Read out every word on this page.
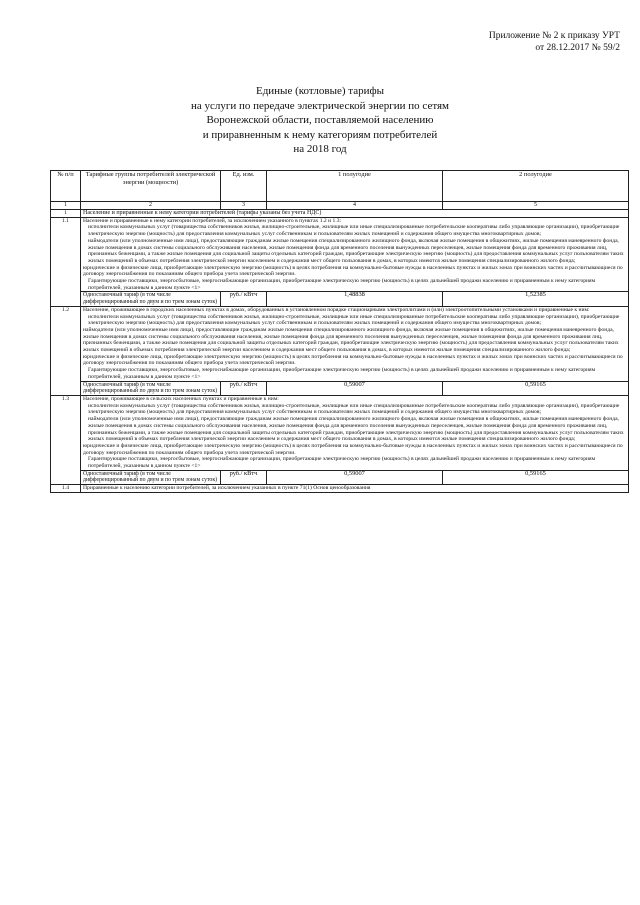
Приложение № 2 к приказу УРТ
от 28.12.2017 № 59/2
Единые (котловые) тарифы
на услуги по передаче электрической энергии по сетям
Воронежской области, поставляемой населению
и приравненным к нему категориям потребителей
на 2018 год
№ п/п	Тарифные группы потребителей электрической энергии (мощности)	Ед. изм.	1 полугодие	2 полугодие
1	2	3	4	5
1	Население и приравненные к нему категории потребителей (тарифы указаны без учета НДС)			
1.1	Население и приравненные к нему категории потребителей, за исключением указанного в пунктах 1.2 и 1.3:

исполнители коммунальных услуг (товарищества собственников жилья, жилищно-строительные, жилищные или иные специализированные потребительские кооперативы либо управляющие организации), приобретающие электрическую энергию (мощность) для предоставления коммунальных услуг собственникам и пользователям жилых помещений и содержания общего имущества многоквартирных домов;

наймодатели (или уполномоченные ими лица), предоставляющие гражданам жилые помещения специализированного жилищного фонда, включая жилые помещения в общежитиях, жилые помещения маневренного фонда, жилые помещения в домах системы социального обслуживания населения, жилые помещения фонда для временного поселения вынужденных переселенцев, жилые помещения фонда для временного проживания лиц, признанных беженцами, а также жилые помещения для социальной защиты отдельных категорий граждан, приобретающие электрическую энергию (мощность) для предоставления коммунальных услуг пользователям таких жилых помещений в объемах потребления электрической энергии населением и содержания мест общего пользования в домах, в которых имеются жилые помещения специализированного жилого фонда;

юридические и физические лица, приобретающие электрическую энергию (мощность) в целях потребления на коммунально-бытовые нужды в населенных пунктах и жилых зонах при воинских частях и рассчитывающиеся по договору энергоснабжения по показаниям общего прибора учета электрической энергии.

Гарантирующие поставщики, энергосбытовые, энергоснабжающие организации, приобретающие электрическую энергию (мощность) в целях дальнейшей продажи населению и приравненным к нему категориям потребителей, указанным в данном пункте <1>			

	Одноставочный тариф (в том числе дифференцированный по двум и по трем зонам суток)	руб./ кВтч	1,48838	1,52385
1.2	Население, проживающее в городских населенных пунктах в домах, оборудованных в установленном порядке стационарными электроплитами и (или) электроотопительными установками и приравненные к ним:

исполнители коммунальных услуг (товарищества собственников жилья, жилищно-строительные, жилищные или иные специализированные потребительские кооперативы либо управляющие организации), приобретающие электрическую энергию (мощность) для предоставления коммунальных услуг собственникам и пользователям жилых помещений и содержания общего имущества многоквартирных домов;

наймодатели (или уполномоченные ими лица), предоставляющие гражданам жилые помещения специализированного жилищного фонда, включая жилые помещения в общежитиях, жилые помещения маневренного фонда, жилые помещения в домах системы социального обслуживания населения, жилые помещения фонда для временного поселения вынужденных переселенцев, жилые помещения фонда для временного проживания лиц, признанных беженцами, а также жилые помещения для социальной защиты отдельных категорий граждан, приобретающие электрическую энергию (мощность) для предоставления коммунальных услуг пользователям таких жилых помещений в объемах потребления электрической энергии населением и содержания мест общего пользования в домах, в которых имеются жилые помещения специализированного жилого фонда;

юридические и физические лица, приобретающие электрическую энергию (мощность) в целях потребления на коммунально-бытовые нужды в населенных пунктах и жилых зонах при воинских частях и рассчитывающиеся по договору энергоснабжения по показаниям общего прибора учета электрической энергии.

Гарантирующие поставщики, энергосбытовые, энергоснабжающие организации, приобретающие электрическую энергию (мощность) в целях дальнейшей продажи населению и приравненным к нему категориям потребителей, указанным в данном пункте <1>			

	Одноставочный тариф (в том числе дифференцированный по двум и по трем зонам суток)	руб./ кВтч	0,59007	0,59165
1.3	Население, проживающее в сельских населенных пунктах и приравненные к ним:

исполнители коммунальных услуг (товарищества собственников жилья, жилищно-строительные, жилищные или иные специализированные потребительские кооперативы либо управляющие организации), приобретающие электрическую энергию (мощность) для предоставления коммунальных услуг собственникам и пользователям жилых помещений и содержания общего имущества многоквартирных домов;

наймодатели (или уполномоченные ими лица), предоставляющие гражданам жилые помещения специализированного жилищного фонда, включая жилые помещения в общежитиях, жилые помещения маневренного фонда, жилые помещения в домах системы социального обслуживания населения, жилые помещения фонда для временного поселения вынужденных переселенцев, жилые помещения фонда для временного проживания лиц, признанных беженцами, а также жилые помещения для социальной защиты отдельных категорий граждан, приобретающие электрическую энергию (мощность) для предоставления коммунальных услуг пользователям таких жилых помещений в объемах потребления электрической энергии населением и содержания мест общего пользования в домах, в которых имеются жилые помещения специализированного жилого фонда;

юридические и физические лица, приобретающие электрическую энергию (мощность) в целях потребления на коммунально-бытовые нужды в населенных пунктах и жилых зонах при воинских частях и рассчитывающиеся по договору энергоснабжения по показаниям общего прибора учета электрической энергии.

Гарантирующие поставщики, энергосбытовые, энергоснабжающие организации, приобретающие электрическую энергию (мощность) в целях дальнейшей продажи населению и приравненным к нему категориям потребителей, указанным в данном пункте <1>			

	Одноставочный тариф (в том числе дифференцированный по двум и по трем зонам суток)	руб./ кВтч	0,59007	0,59165
1.4	Приравненные к населению категории потребителей, за исключением указанных в пункте 71(1) Основ ценообразования			
